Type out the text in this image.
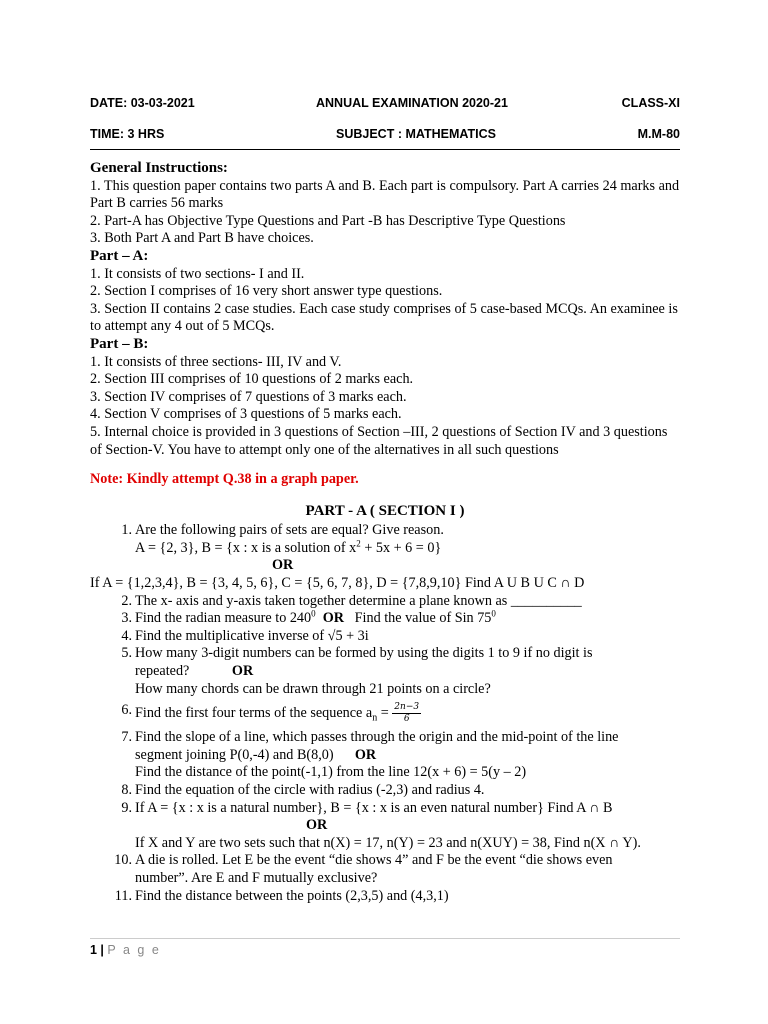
DATE: 03-03-2021	ANNUAL EXAMINATION 2020-21	CLASS-XI
TIME: 3 HRS	SUBJECT : MATHEMATICS	M.M-80

General Instructions:

1. This question paper contains two parts A and B. Each part is compulsory. Part A carries 24 marks and Part B carries 56 marks

2. Part-A has Objective Type Questions and Part -B has Descriptive Type Questions

3. Both Part A and Part B have choices.

Part – A:

1. It consists of two sections- I and II.

2. Section I comprises of 16 very short answer type questions.

3. Section II contains 2 case studies. Each case study comprises of 5 case-based MCQs. An examinee is to attempt any 4 out of 5 MCQs.

Part – B:

1. It consists of three sections- III, IV and V.

2. Section III comprises of 10 questions of 2 marks each.

3. Section IV comprises of 7 questions of 3 marks each.

4. Section V comprises of 3 questions of 5 marks each.

5. Internal choice is provided in 3 questions of Section –III, 2 questions of Section IV and 3 questions of Section-V. You have to attempt only one of the alternatives in all such questions

Note: Kindly attempt Q.38 in a graph paper.

PART - A ( SECTION I )

1. Are the following pairs of sets are equal? Give reason.

A = {2, 3}, B = {x : x is a solution of $x^2 + 5x + 6 = 0$}

OR

If A = {1,2,3,4}, B = {3, 4, 5, 6}, C = {5, 6, 7, 8}, D = {7,8,9,10} Find A U B U C ∩ D

2. The x- axis and y-axis taken together determine a plane known as __________

3. Find the radian measure to $240^0$ OR Find the value of Sin $75^0$

4. Find the multiplicative inverse of √5 + 3i

5. How many 3-digit numbers can be formed by using the digits 1 to 9 if no digit is

repeated?	OR

How many chords can be drawn through 21 points on a circle?

6. Find the first four terms of the sequence $a_n = \frac{2n-3}{6}$

7. Find the slope of a line, which passes through the origin and the mid-point of the line

segment joining P(0,-4) and B(8,0) OR

Find the distance of the point(-1,1) from the line 12(x + 6) = 5(y – 2)

8. Find the equation of the circle with radius (-2,3) and radius 4.

9. If A = {x : x is a natural number}, B = {x : x is an even natural number} Find A ∩ B

OR

If X and Y are two sets such that n(X) = 17, n(Y) = 23 and n(XUY) = 38, Find n(X ∩ Y).

10. A die is rolled. Let E be the event “die shows 4” and F be the event “die shows even

number”. Are E and F mutually exclusive?

11. Find the distance between the points (2,3,5) and (4,3,1)

1 | P a g e
